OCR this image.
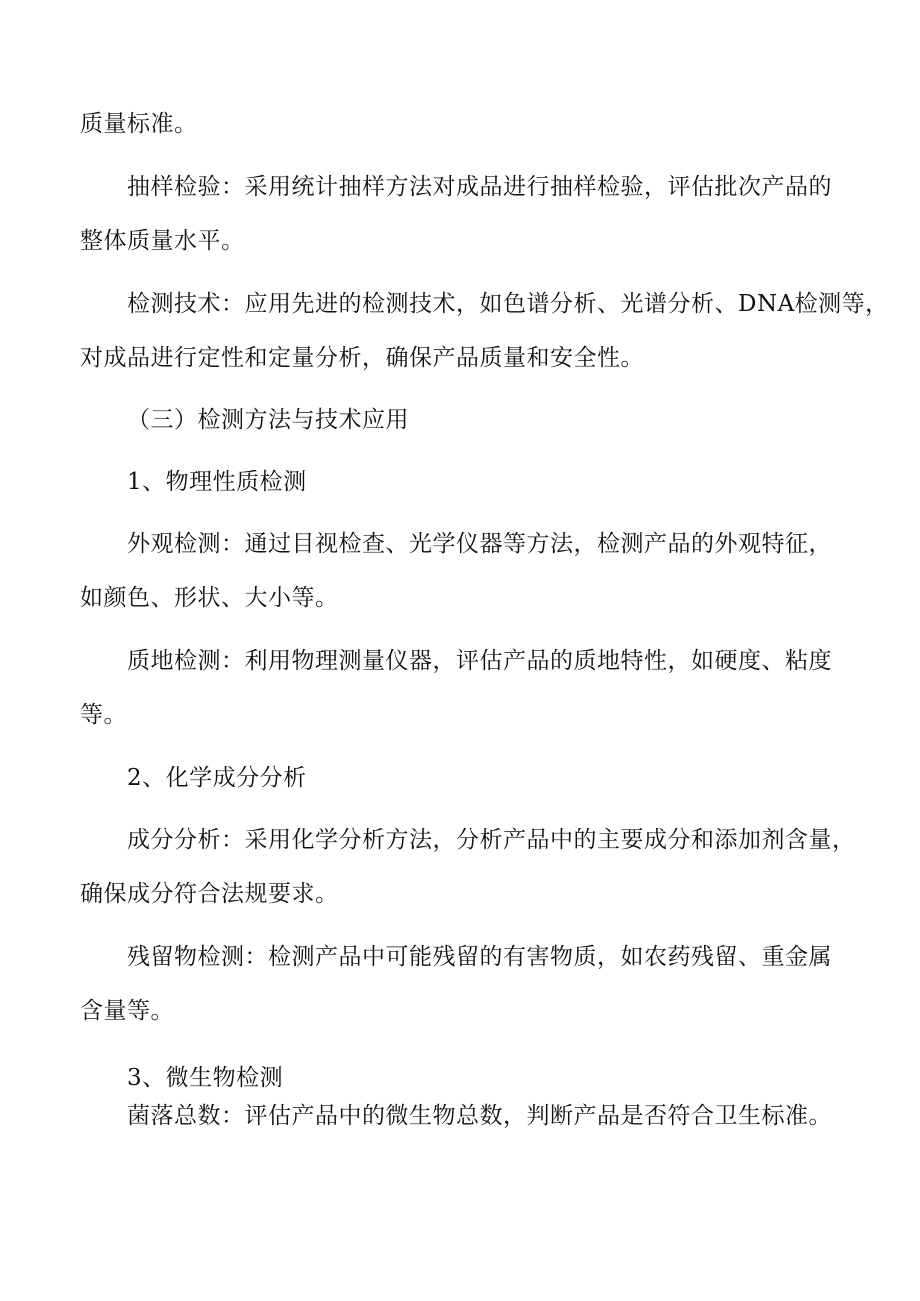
质量标准。
抽样检验：采用统计抽样方法对成品进行抽样检验，评估批次产品的
整体质量水平。
检测技术：应用先进的检测技术，如色谱分析、光谱分析、DNA检测等，
对成品进行定性和定量分析，确保产品质量和安全性。
（三）检测方法与技术应用
1、物理性质检测
外观检测：通过目视检查、光学仪器等方法，检测产品的外观特征，
如颜色、形状、大小等。
质地检测：利用物理测量仪器，评估产品的质地特性，如硬度、粘度
等。
2、化学成分分析
成分分析：采用化学分析方法，分析产品中的主要成分和添加剂含量，
确保成分符合法规要求。
残留物检测：检测产品中可能残留的有害物质，如农药残留、重金属
含量等。
3、微生物检测
菌落总数：评估产品中的微生物总数，判断产品是否符合卫生标准。
